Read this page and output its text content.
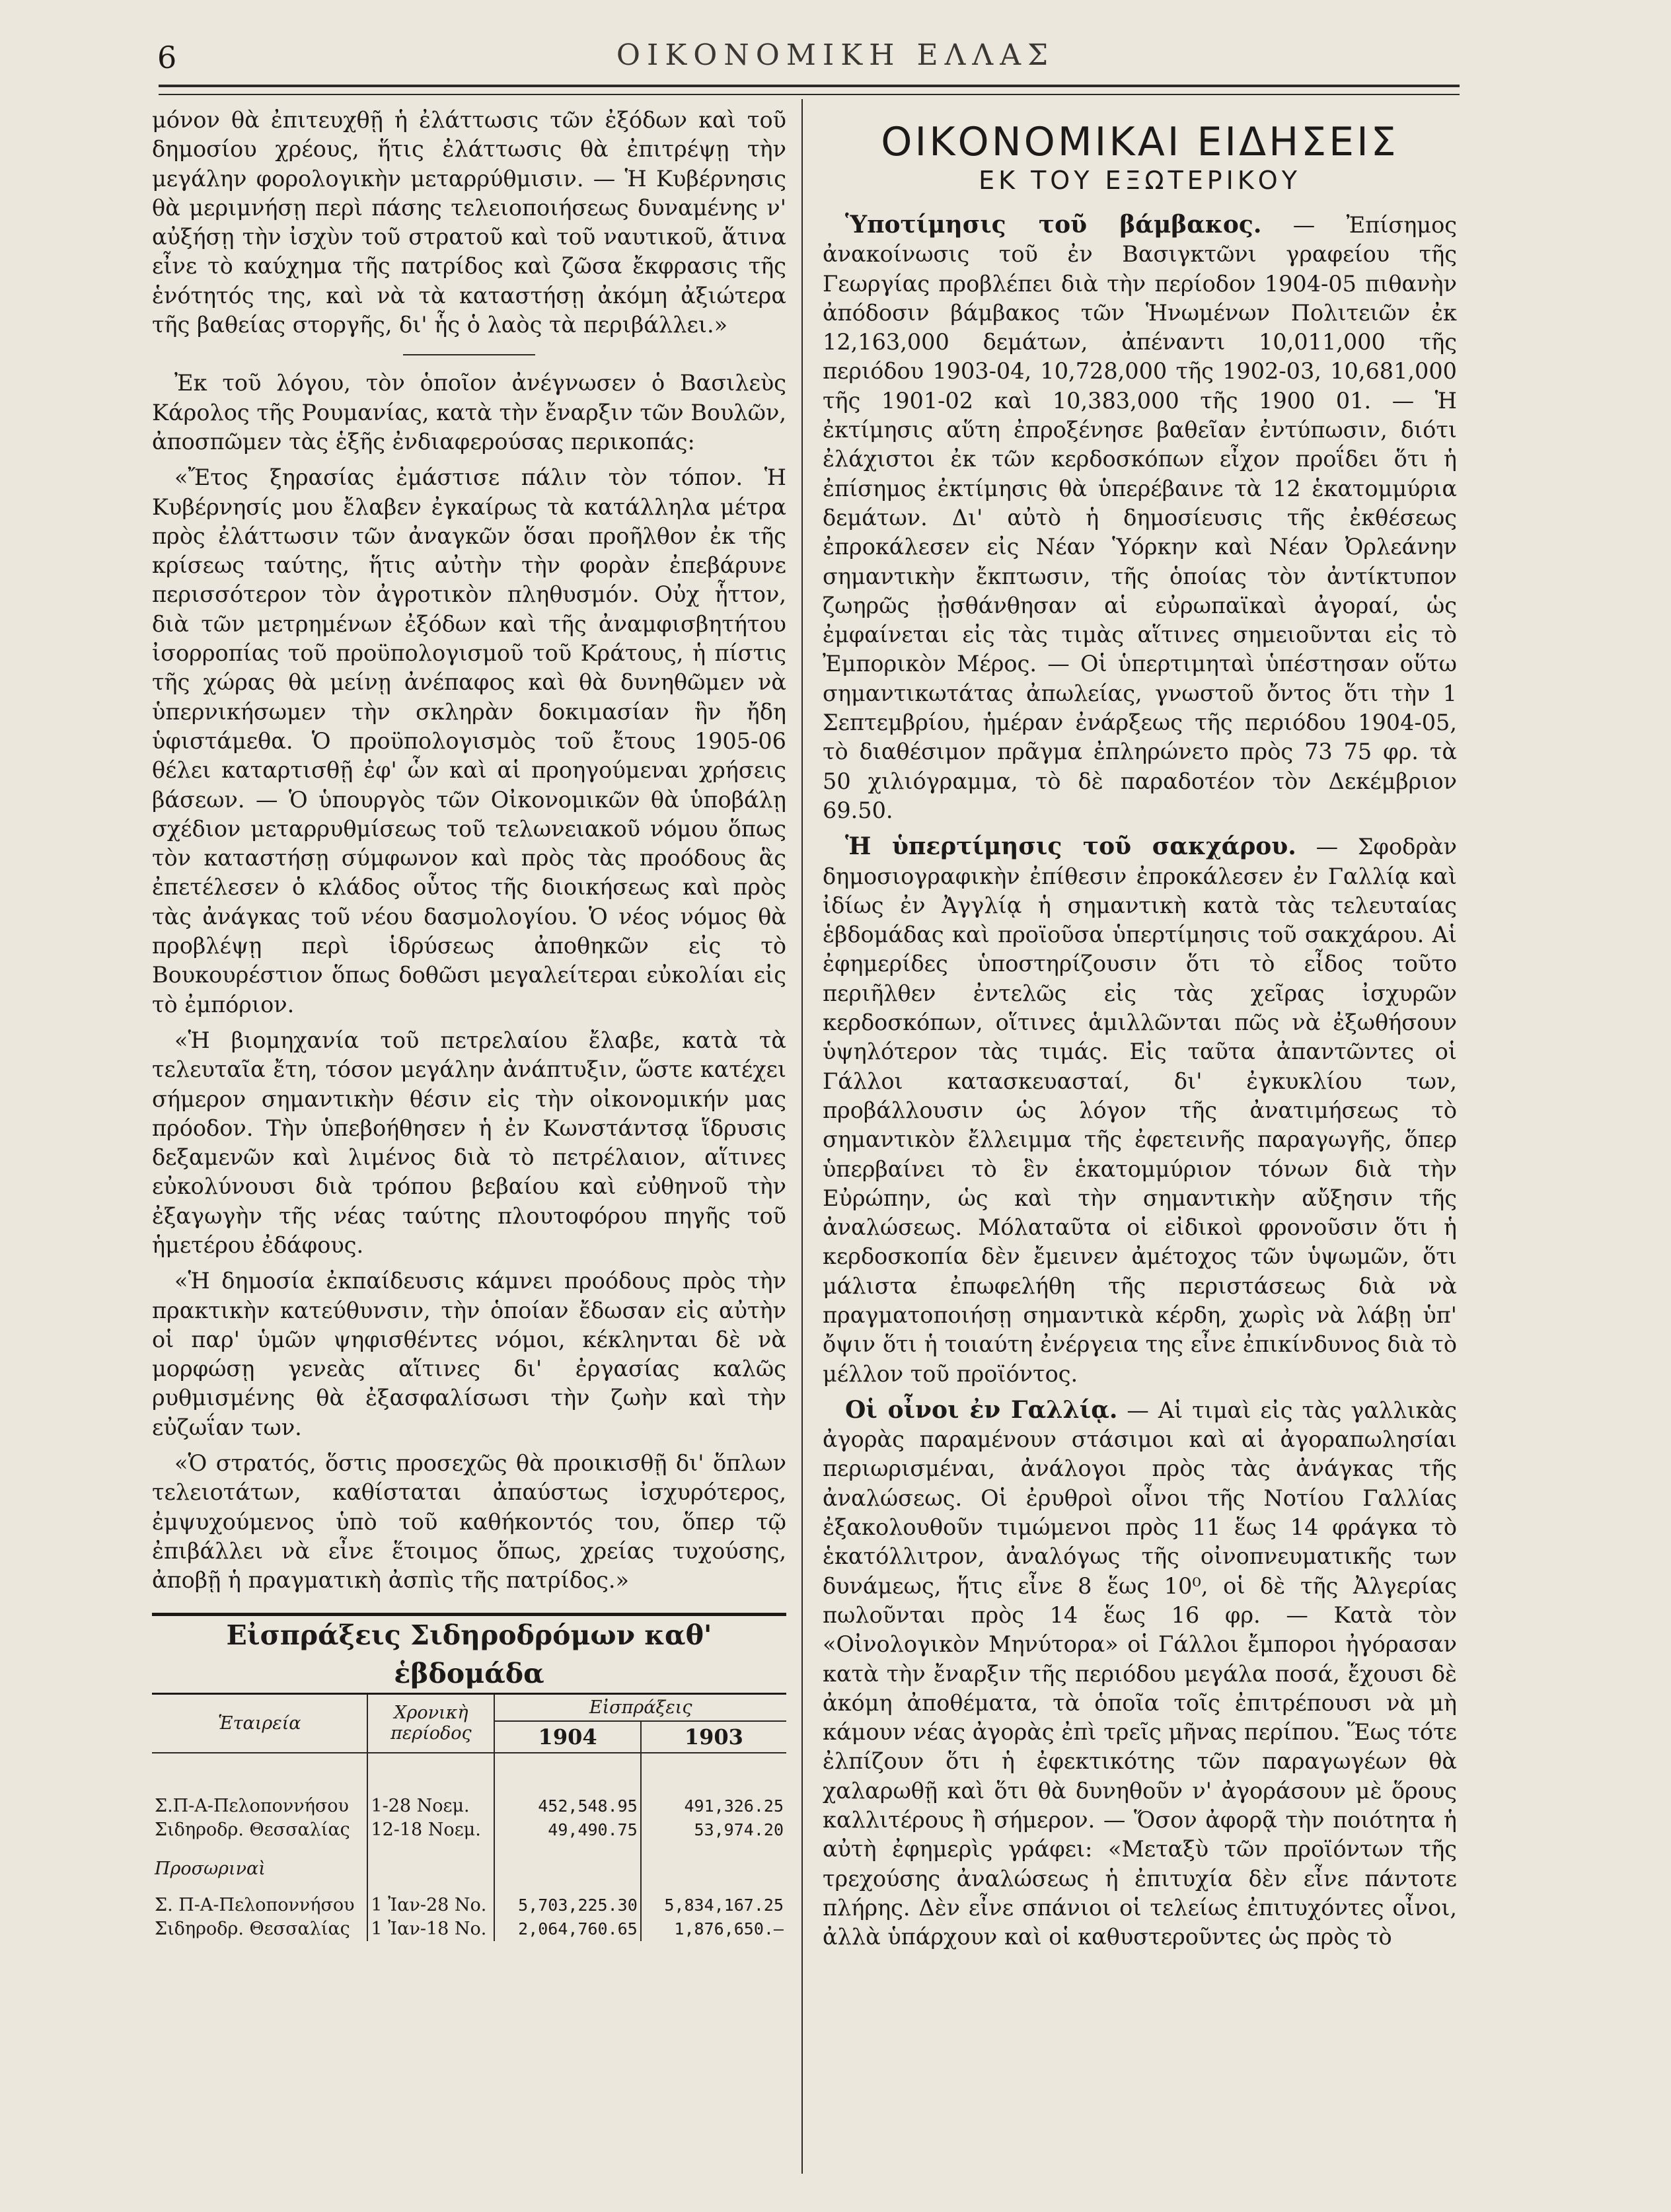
6	ΟΙΚΟΝΟΜΙΚΗ ΕΛΛΑΣ

μόνον θὰ ἐπιτευχθῇ ἡ ἐλάττωσις τῶν ἐξόδων καὶ τοῦ δημοσίου χρέους, ἥτις ἐλάττωσις θὰ ἐπιτρέψῃ τὴν μεγάλην φορολογικὴν μεταρρύθμισιν. — Ἡ Κυβέρνησις θὰ μεριμνήσῃ περὶ πάσης τελειοποιήσεως δυναμένης ν' αὐξήσῃ τὴν ἰσχὺν τοῦ στρατοῦ καὶ τοῦ ναυτικοῦ, ἅτινα εἶνε τὸ καύχημα τῆς πατρίδος καὶ ζῶσα ἔκφρασις τῆς ἑνότητός της, καὶ νὰ τὰ καταστήσῃ ἀκόμη ἀξιώτερα τῆς βαθείας στοργῆς, δι' ἧς ὁ λαὸς τὰ περιβάλλει.»

Ἐκ τοῦ λόγου, τὸν ὁποῖον ἀνέγνωσεν ὁ Βασιλεὺς Κάρολος τῆς Ρουμανίας, κατὰ τὴν ἔναρξιν τῶν Βουλῶν, ἀποσπῶμεν τὰς ἑξῆς ἐνδιαφερούσας περικοπάς:

«Ἔτος ξηρασίας ἐμάστισε πάλιν τὸν τόπον. Ἡ Κυβέρνησίς μου ἔλαβεν ἐγκαίρως τὰ κατάλληλα μέτρα πρὸς ἐλάττωσιν τῶν ἀναγκῶν ὅσαι προῆλθον ἐκ τῆς κρίσεως ταύτης, ἥτις αὐτὴν τὴν φορὰν ἐπεβάρυνε περισσότερον τὸν ἀγροτικὸν πληθυσμόν. Οὐχ ἧττον, διὰ τῶν μετρημένων ἐξόδων καὶ τῆς ἀναμφισβητήτου ἰσορροπίας τοῦ προϋπολογισμοῦ τοῦ Κράτους, ἡ πίστις τῆς χώρας θὰ μείνῃ ἀνέπαφος καὶ θὰ δυνηθῶμεν νὰ ὑπερνικήσωμεν τὴν σκληρὰν δοκιμασίαν ἣν ἤδη ὑφιστάμεθα. Ὁ προϋπολογισμὸς τοῦ ἔτους 1905-06 θέλει καταρτισθῇ ἐφ' ὧν καὶ αἱ προηγούμεναι χρήσεις βάσεων. — Ὁ ὑπουργὸς τῶν Οἰκονομικῶν θὰ ὑποβάλῃ σχέδιον μεταρρυθμίσεως τοῦ τελωνειακοῦ νόμου ὅπως τὸν καταστήσῃ σύμφωνον καὶ πρὸς τὰς προόδους ἃς ἐπετέλεσεν ὁ κλάδος οὗτος τῆς διοικήσεως καὶ πρὸς τὰς ἀνάγκας τοῦ νέου δασμολογίου. Ὁ νέος νόμος θὰ προβλέψῃ περὶ ἱδρύσεως ἀποθηκῶν εἰς τὸ Βουκουρέστιον ὅπως δοθῶσι μεγαλείτεραι εὐκολίαι εἰς τὸ ἐμπόριον.

«Ἡ βιομηχανία τοῦ πετρελαίου ἔλαβε, κατὰ τὰ τελευταῖα ἔτη, τόσον μεγάλην ἀνάπτυξιν, ὥστε κατέχει σήμερον σημαντικὴν θέσιν εἰς τὴν οἰκονομικήν μας πρόοδον. Τὴν ὑπεβοήθησεν ἡ ἐν Κωνστάντσᾳ ἵδρυσις δεξαμενῶν καὶ λιμένος διὰ τὸ πετρέλαιον, αἵτινες εὐκολύνουσι διὰ τρόπου βεβαίου καὶ εὐθηνοῦ τὴν ἐξαγωγὴν τῆς νέας ταύτης πλουτοφόρου πηγῆς τοῦ ἡμετέρου ἐδάφους.

«Ἡ δημοσία ἐκπαίδευσις κάμνει προόδους πρὸς τὴν πρακτικὴν κατεύθυνσιν, τὴν ὁποίαν ἔδωσαν εἰς αὐτὴν οἱ παρ' ὑμῶν ψηφισθέντες νόμοι, κέκληνται δὲ νὰ μορφώσῃ γενεὰς αἵτινες δι' ἐργασίας καλῶς ρυθμισμένης θὰ ἐξασφαλίσωσι τὴν ζωὴν καὶ τὴν εὐζωΐαν των.

«Ὁ στρατός, ὅστις προσεχῶς θὰ προικισθῇ δι' ὅπλων τελειοτάτων, καθίσταται ἀπαύστως ἰσχυρότερος, ἐμψυχούμενος ὑπὸ τοῦ καθήκοντός του, ὅπερ τῷ ἐπιβάλλει νὰ εἶνε ἕτοιμος ὅπως, χρείας τυχούσης, ἀποβῇ ἡ πραγματικὴ ἀσπὶς τῆς πατρίδος.»

Εἰσπράξεις Σιδηροδρόμων καθ' ἑβδομάδα
Ἑταιρεία	Χρονικὴ περίοδος	Εἰσπράξεις	
		1904	1903

Σ.Π-Α-Πελοποννήσου	1-28 Νοεμ.	452,548.95	491,326.25
Σιδηροδρ. Θεσσαλίας	12-18 Νοεμ.	49,490.75	53,974.20
Προσωριναὶ			
Σ. Π-Α-Πελοποννήσου	1 Ἰαν-28 Νο.	5,703,225.30	5,834,167.25
Σιδηροδρ. Θεσσαλίας	1 Ἰαν-18 Νο.	2,064,760.65	1,876,650.—
ΟΙΚΟΝΟΜΙΚΑΙ ΕΙΔΗΣΕΙΣ
ΕΚ ΤΟΥ ΕΞΩΤΕΡΙΚΟΥ

Ὑποτίμησις τοῦ βάμβακος. — Ἐπίσημος ἀνακοίνωσις τοῦ ἐν Βασιγκτῶνι γραφείου τῆς Γεωργίας προβλέπει διὰ τὴν περίοδον 1904-05 πιθανὴν ἀπόδοσιν βάμβακος τῶν Ἡνωμένων Πολιτειῶν ἐκ 12,163,000 δεμάτων, ἀπέναντι 10,011,000 τῆς περιόδου 1903-04, 10,728,000 τῆς 1902-03, 10,681,000 τῆς 1901-02 καὶ 10,383,000 τῆς 1900 01. — Ἡ ἐκτίμησις αὕτη ἐπροξένησε βαθεῖαν ἐντύπωσιν, διότι ἐλάχιστοι ἐκ τῶν κερδοσκόπων εἶχον προΐδει ὅτι ἡ ἐπίσημος ἐκτίμησις θὰ ὑπερέβαινε τὰ 12 ἑκατομμύρια δεμάτων. Δι' αὐτὸ ἡ δημοσίευσις τῆς ἐκθέσεως ἐπροκάλεσεν εἰς Νέαν Ὑόρκην καὶ Νέαν Ὀρλεάνην σημαντικὴν ἔκπτωσιν, τῆς ὁποίας τὸν ἀντίκτυπον ζωηρῶς ᾐσθάνθησαν αἱ εὐρωπαϊκαὶ ἀγοραί, ὡς ἐμφαίνεται εἰς τὰς τιμὰς αἵτινες σημειοῦνται εἰς τὸ Ἐμπορικὸν Μέρος. — Οἱ ὑπερτιμηταὶ ὑπέστησαν οὕτω σημαντικωτάτας ἀπωλείας, γνωστοῦ ὄντος ὅτι τὴν 1 Σεπτεμβρίου, ἡμέραν ἐνάρξεως τῆς περιόδου 1904-05, τὸ διαθέσιμον πρᾶγμα ἐπληρώνετο πρὸς 73 75 φρ. τὰ 50 χιλιόγραμμα, τὸ δὲ παραδοτέον τὸν Δεκέμβριον 69.50.

Ἡ ὑπερτίμησις τοῦ σακχάρου. — Σφοδρὰν δημοσιογραφικὴν ἐπίθεσιν ἐπροκάλεσεν ἐν Γαλλίᾳ καὶ ἰδίως ἐν Ἀγγλίᾳ ἡ σημαντικὴ κατὰ τὰς τελευταίας ἑβδομάδας καὶ προϊοῦσα ὑπερτίμησις τοῦ σακχάρου. Αἱ ἐφημερίδες ὑποστηρίζουσιν ὅτι τὸ εἶδος τοῦτο περιῆλθεν ἐντελῶς εἰς τὰς χεῖρας ἰσχυρῶν κερδοσκόπων, οἵτινες ἁμιλλῶνται πῶς νὰ ἐξωθήσουν ὑψηλότερον τὰς τιμάς. Εἰς ταῦτα ἀπαντῶντες οἱ Γάλλοι κατασκευασταί, δι' ἐγκυκλίου των, προβάλλουσιν ὡς λόγον τῆς ἀνατιμήσεως τὸ σημαντικὸν ἔλλειμμα τῆς ἐφετεινῆς παραγωγῆς, ὅπερ ὑπερβαίνει τὸ ἓν ἑκατομμύριον τόνων διὰ τὴν Εὐρώπην, ὡς καὶ τὴν σημαντικὴν αὔξησιν τῆς ἀναλώσεως. Μόλαταῦτα οἱ εἰδικοὶ φρονοῦσιν ὅτι ἡ κερδοσκοπία δὲν ἔμεινεν ἀμέτοχος τῶν ὑψωμῶν, ὅτι μάλιστα ἐπωφελήθη τῆς περιστάσεως διὰ νὰ πραγματοποιήσῃ σημαντικὰ κέρδη, χωρὶς νὰ λάβῃ ὑπ' ὄψιν ὅτι ἡ τοιαύτη ἐνέργεια της εἶνε ἐπικίνδυνος διὰ τὸ μέλλον τοῦ προϊόντος.

Οἱ οἶνοι ἐν Γαλλίᾳ. — Αἱ τιμαὶ εἰς τὰς γαλλικὰς ἀγορὰς παραμένουν στάσιμοι καὶ αἱ ἀγοραπωλησίαι περιωρισμέναι, ἀνάλογοι πρὸς τὰς ἀνάγκας τῆς ἀναλώσεως. Οἱ ἐρυθροὶ οἶνοι τῆς Νοτίου Γαλλίας ἐξακολουθοῦν τιμώμενοι πρὸς 11 ἕως 14 φράγκα τὸ ἑκατόλλιτρον, ἀναλόγως τῆς οἰνοπνευματικῆς των δυνάμεως, ἥτις εἶνε 8 ἕως 10⁰, οἱ δὲ τῆς Ἀλγερίας πωλοῦνται πρὸς 14 ἕως 16 φρ. — Κατὰ τὸν «Οἰνολογικὸν Μηνύτορα» οἱ Γάλλοι ἔμποροι ἠγόρασαν κατὰ τὴν ἔναρξιν τῆς περιόδου μεγάλα ποσά, ἔχουσι δὲ ἀκόμη ἀποθέματα, τὰ ὁποῖα τοῖς ἐπιτρέπουσι νὰ μὴ κάμουν νέας ἀγορὰς ἐπὶ τρεῖς μῆνας περίπου. Ἕως τότε ἐλπίζουν ὅτι ἡ ἐφεκτικότης τῶν παραγωγέων θὰ χαλαρωθῇ καὶ ὅτι θὰ δυνηθοῦν ν' ἀγοράσουν μὲ ὅρους καλλιτέρους ἢ σήμερον. — Ὅσον ἀφορᾷ τὴν ποιότητα ἡ αὐτὴ ἐφημερὶς γράφει: «Μεταξὺ τῶν προϊόντων τῆς τρεχούσης ἀναλώσεως ἡ ἐπιτυχία δὲν εἶνε πάντοτε πλήρης. Δὲν εἶνε σπάνιοι οἱ τελείως ἐπιτυχόντες οἶνοι, ἀλλὰ ὑπάρχουν καὶ οἱ καθυστεροῦντες ὡς πρὸς τὸ
